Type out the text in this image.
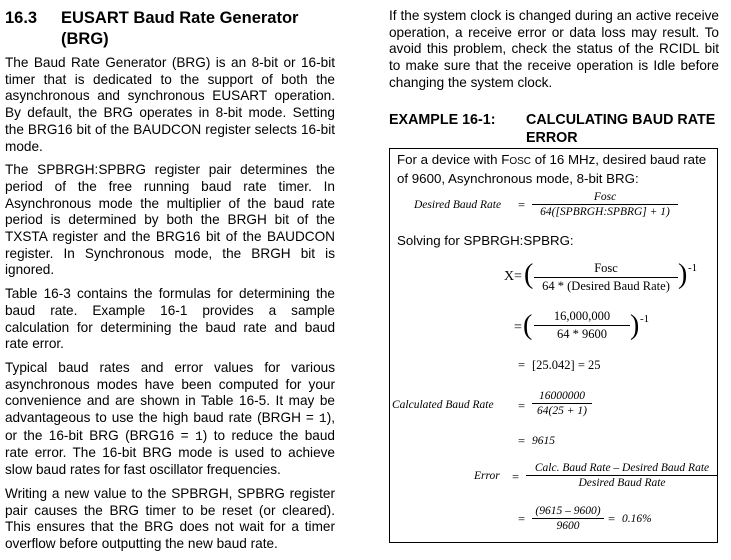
16.3 EUSART Baud Rate Generator (BRG)

The Baud Rate Generator (BRG) is an 8-bit or 16-bit timer that is dedicated to the support of both the asynchronous and synchronous EUSART operation. By default, the BRG operates in 8-bit mode. Setting the BRG16 bit of the BAUDCON register selects 16-bit mode.

The SPBRGH:SPBRG register pair determines the period of the free running baud rate timer. In Asynchronous mode the multiplier of the baud rate period is determined by both the BRGH bit of the TXSTA register and the BRG16 bit of the BAUDCON register. In Synchronous mode, the BRGH bit is ignored.

Table 16-3 contains the formulas for determining the baud rate. Example 16-1 provides a sample calculation for determining the baud rate and baud rate error.

Typical baud rates and error values for various asynchronous modes have been computed for your convenience and are shown in Table 16-5. It may be advantageous to use the high baud rate (BRGH = 1), or the 16-bit BRG (BRG16 = 1) to reduce the baud rate error. The 16-bit BRG mode is used to achieve slow baud rates for fast oscillator frequencies.

Writing a new value to the SPBRGH, SPBRG register pair causes the BRG timer to be reset (or cleared). This ensures that the BRG does not wait for a timer overflow before outputting the new baud rate.

If the system clock is changed during an active receive operation, a receive error or data loss may result. To avoid this problem, check the status of the RCIDL bit to make sure that the receive operation is Idle before changing the system clock.

EXAMPLE 16-1: CALCULATING BAUD RATE ERROR
For a device with FOSC of 16 MHz, desired baud rate of 9600, Asynchronous mode, 8-bit BRG:
Desired Baud Rate =
Fosc
64([SPBRGH:SPBRG] + 1)
Solving for SPBRGH:SPBRG:
X = (	Fosc
64 * (Desired Baud Rate) ) -1
= (	16,000,000
64 * 9600 ) -1
= [25.042] = 25
Calculated Baud Rate =
16000000
64(25 + 1)
= 9615
Error =
Calc. Baud Rate – Desired Baud Rate
Desired Baud Rate
=
(9615 – 9600)
9600	= 0.16%
